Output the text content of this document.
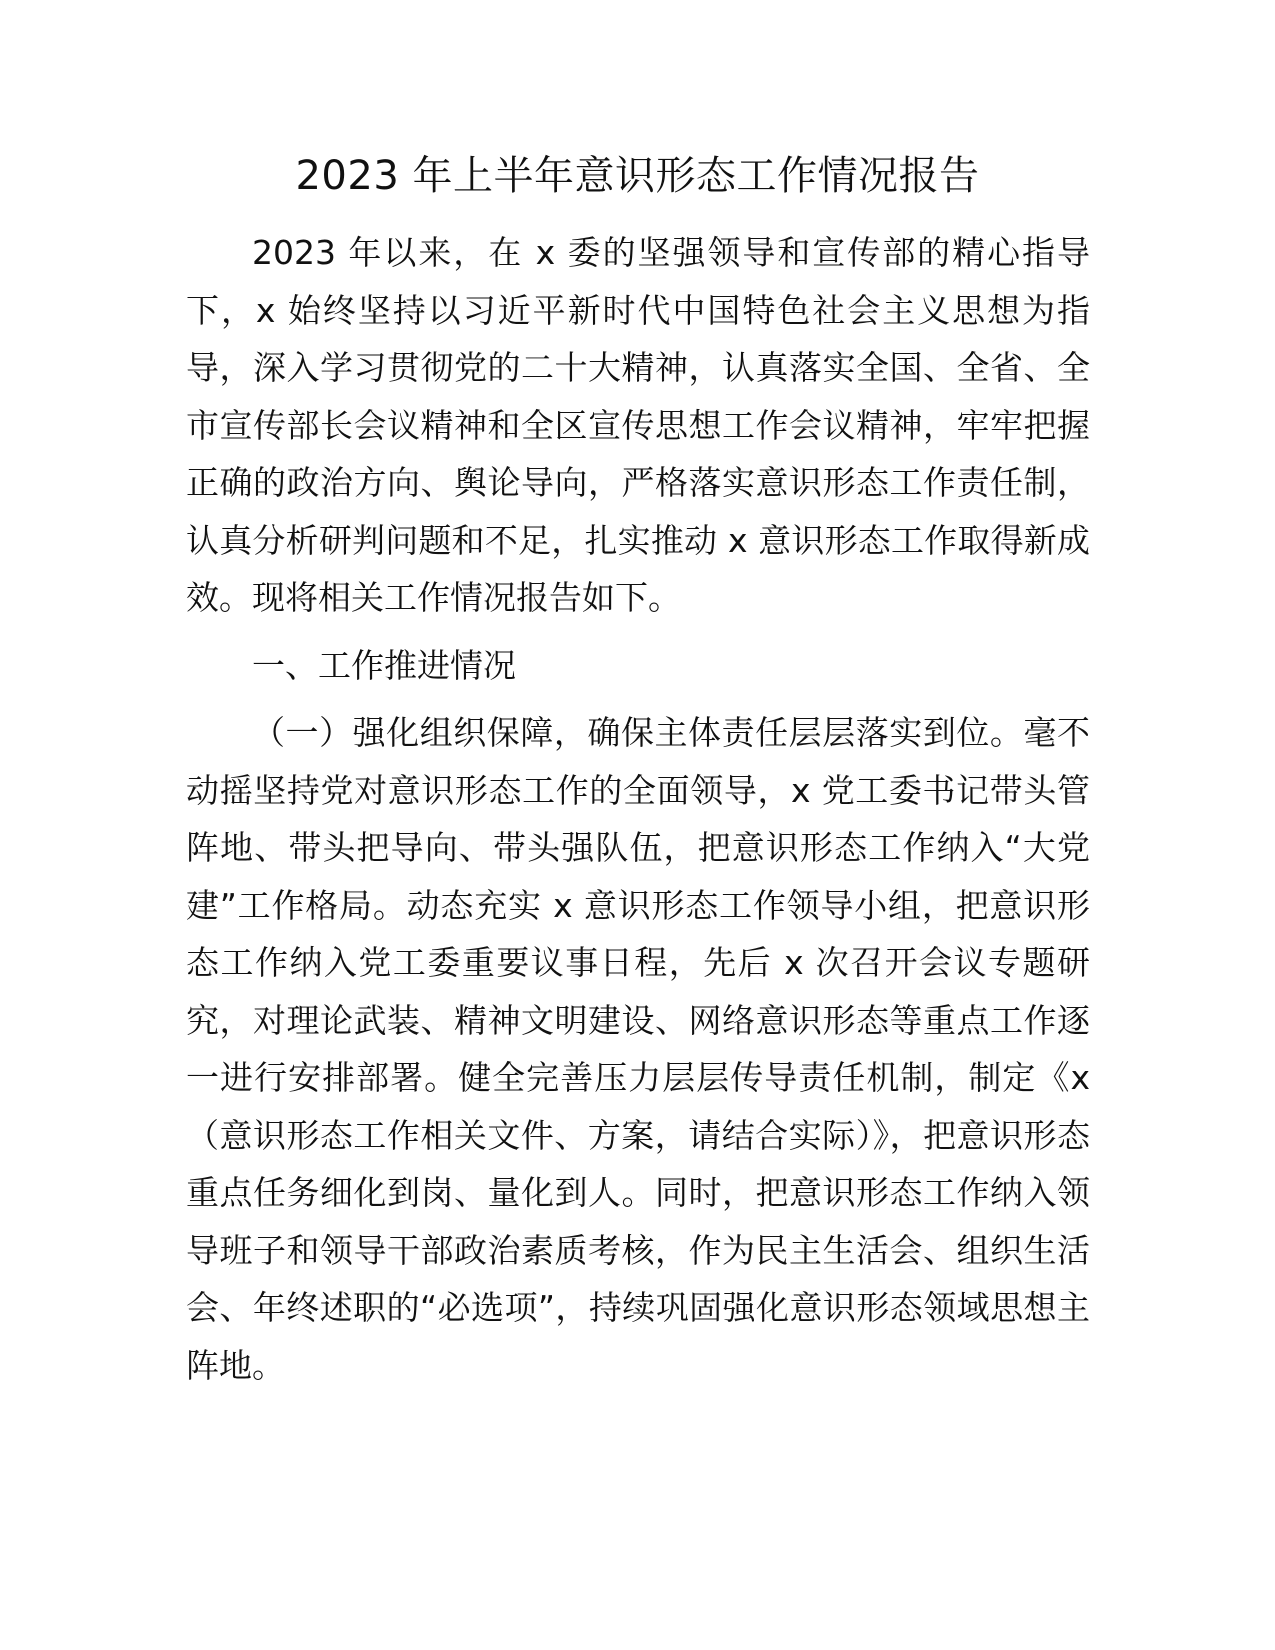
2023 年上半年意识形态工作情况报告

2023 年以来，在 x 委的坚强领导和宣传部的精心指导下，x 始终坚持以习近平新时代中国特色社会主义思想为指导，深入学习贯彻党的二十大精神，认真落实全国、全省、全市宣传部长会议精神和全区宣传思想工作会议精神，牢牢把握正确的政治方向、舆论导向，严格落实意识形态工作责任制，认真分析研判问题和不足，扎实推动 x 意识形态工作取得新成效。现将相关工作情况报告如下。

一、工作推进情况

（一）强化组织保障，确保主体责任层层落实到位。毫不动摇坚持党对意识形态工作的全面领导，x 党工委书记带头管阵地、带头把导向、带头强队伍，把意识形态工作纳入“大党建”工作格局。动态充实 x 意识形态工作领导小组，把意识形态工作纳入党工委重要议事日程，先后 x 次召开会议专题研究，对理论武装、精神文明建设、网络意识形态等重点工作逐一进行安排部署。健全完善压力层层传导责任机制，制定《x（意识形态工作相关文件、方案，请结合实际）》，把意识形态重点任务细化到岗、量化到人。同时，把意识形态工作纳入领导班子和领导干部政治素质考核，作为民主生活会、组织生活会、年终述职的“必选项”，持续巩固强化意识形态领域思想主阵地。
